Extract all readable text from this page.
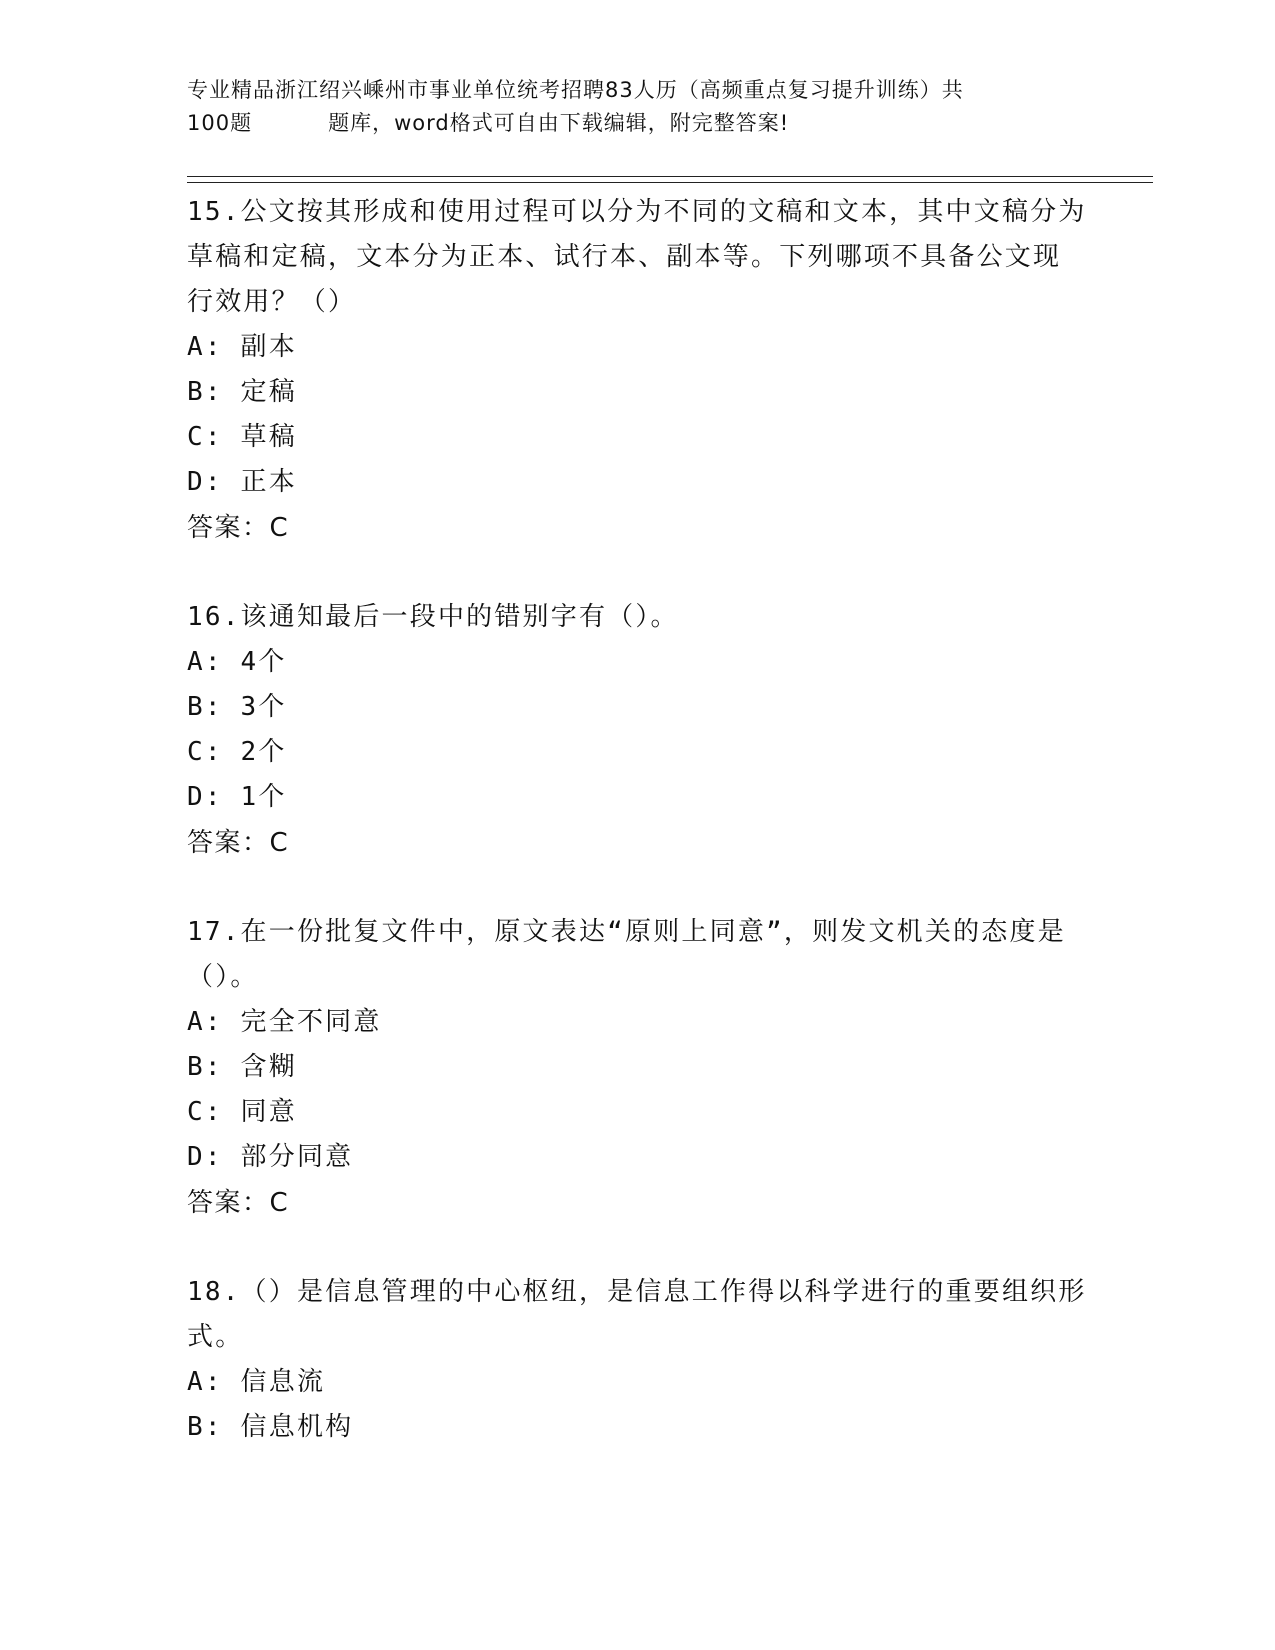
专业精品浙江绍兴嵊州市事业单位统考招聘83人历（高频重点复习提升训练）共
100题	题库，word格式可自由下载编辑，附完整答案!
15.公文按其形成和使用过程可以分为不同的文稿和文本，其中文稿分为草稿和定稿，文本分为正本、试行本、副本等。下列哪项不具备公文现行效用？（）
A: 副本
B: 定稿
C: 草稿
D: 正本
答案：C
16.该通知最后一段中的错别字有（）。
A: 4个
B: 3个
C: 2个
D: 1个
答案：C
17.在一份批复文件中，原文表达“原则上同意”，则发文机关的态度是（）。
A: 完全不同意
B: 含糊
C: 同意
D: 部分同意
答案：C
18.（）是信息管理的中心枢纽，是信息工作得以科学进行的重要组织形式。
A: 信息流
B: 信息机构
